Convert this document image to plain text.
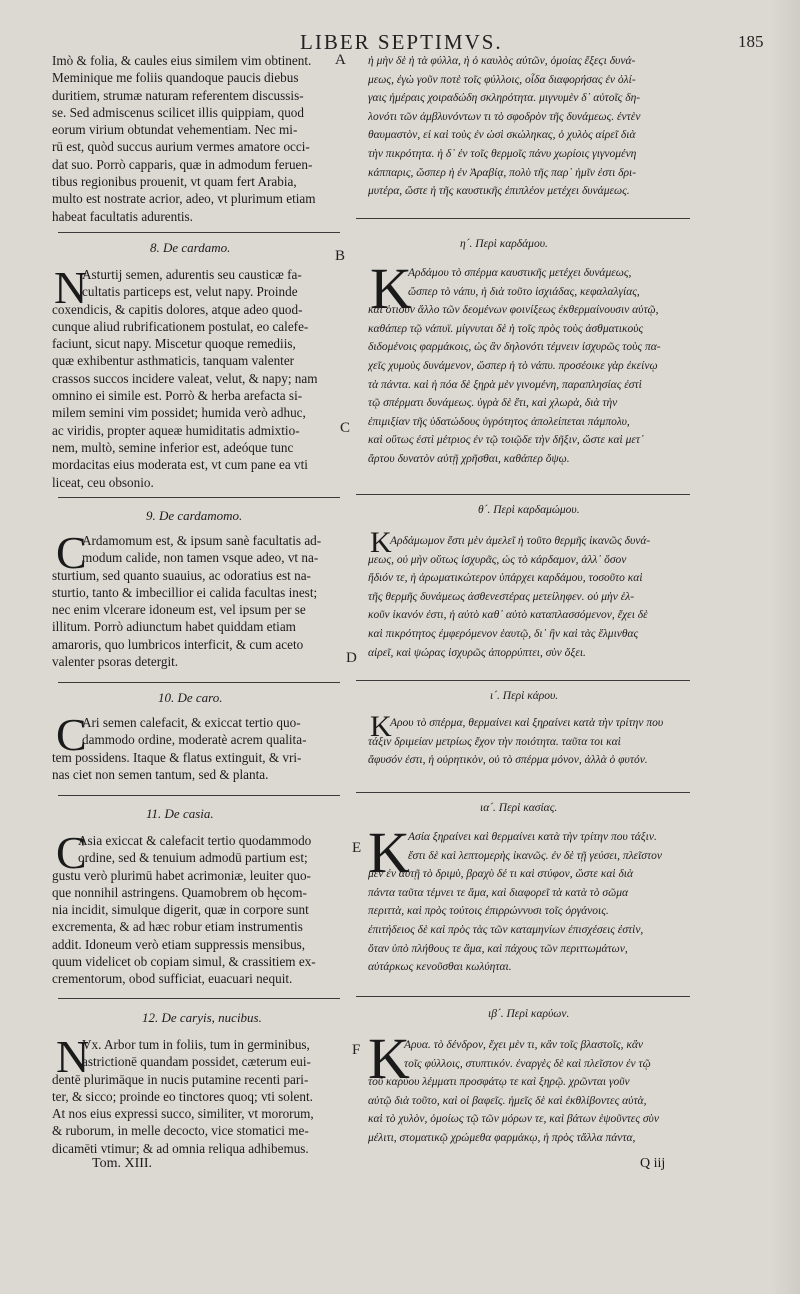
LIBER SEPTIMVS.	185
A
B
C
D
E
F
Imò & folia, & caules eius similem vim obtinent.
Meminique me foliis quandoque paucis diebus
duritiem, strumæ naturam referentem discussis-
se. Sed admiscenus scilicet illis quippiam, quod
eorum virium obtundat vehementiam. Nec mi-
rū est, quòd succus aurium vermes amatore occi-
dat suo. Porrò capparis, quæ in admodum feruen-
tibus regionibus prouenit, vt quam fert Arabia,
multo est nostrate acrior, adeo, vt plurimum etiam
habeat facultatis adurentis.
ἡ μὴν δὲ ἡ τὰ φύλλα, ἡ ὁ καυλὸς αὐτῶν, ὁμοίας ἔξεϛι δυνά-
μεως, ἐγὼ γοῦν ποτὲ τοῖς φύλλοις, οἶδα διαφορήσας ἐν ὀλί-
γαις ἡμέραις χοιραδώδη σκληρότητα. μιγνυμὲν δ᾽ αὐτοῖς δη-
λονότι τῶν ἀμβλυνόντων τι τὸ σφοδρὸν τῆς δυνάμεως. ἐντὲν
θαυμαστὸν, εἰ καὶ τοὺς ἐν ὠσὶ σκώληκας, ὁ χυλὸς αἰρεῖ διὰ
τὴν πικρότητα. ἡ δ᾽ ἐν τοῖς θερμοῖς πάνυ χωρίοις γιγνομένη
κάππαρις, ὥσπερ ἡ ἐν Ἀραβίᾳ, πολὺ τῆς παρ᾽ ἡμῖν ἐστι δρι-
μυτέρα, ὥστε ἡ τῆς καυστικῆς ἐπιπλέον μετέχει δυνάμεως.
8. De cardamo.	η´. Περὶ καρδάμου.
N	K
Asturtij semen, adurentis seu causticæ fa-
cultatis particeps est, velut napy. Proinde
coxendicis, & capitis dolores, atque adeo quod-
cunque aliud rubrificationem postulat, eo calefe-
faciunt, sicut napy. Miscetur quoque remediis,
quæ exhibentur asthmaticis, tanquam valenter
crassos succos incidere valeat, velut, & napy; nam
omnino ei simile est. Porrò & herba arefacta si-
milem semini vim possidet; humida verò adhuc,
ac viridis, propter aqueæ humiditatis admixtio-
nem, multò, semine inferior est, adeóque tunc
mordacitas eius moderata est, vt cum pane ea vti
liceat, ceu obsonio.
Αρδάμου τὸ σπέρμα καυστικῆς μετέχει δυνάμεως,
ὥσπερ τὸ νάπυ, ἡ διὰ τοῦτο ἰσχιάδας, κεφαλαλγίας,
καὶ ὁτιοῦν ἄλλο τῶν δεομένων φοινίξεως ἐκθερμαίνουσιν αὐτῷ,
καθάπερ τῷ νάπυϊ. μίγνυται δὲ ἡ τοῖς πρὸς τοὺς ἀσθματικοὺς
διδομένοις φαρμάκοις, ὡς ἂν δηλονότι τέμνειν ἰσχυρῶς τοὺς πα-
χεῖς χυμοὺς δυνάμενον, ὥσπερ ἡ τὸ νάπυ. προσέοικε γὰρ ἐκείνῳ
τὰ πάντα. καὶ ἡ πόα δὲ ξηρὰ μὲν γινομένη, παραπλησίας ἐστὶ
τῷ σπέρματι δυνάμεως. ὑγρὰ δὲ ἔτι, καὶ χλωρὰ, διὰ τὴν
ἐπιμιξίαν τῆς ὑδατώδους ὑγρότητος ἀπολείπεται πάμπολυ,
καὶ οὕτως ἐστὶ μέτριος ἐν τῷ τοιῷδε τὴν δῆξιν, ὥστε καὶ μετ᾽
ἄρτου δυνατὸν αὐτῇ χρῆσθαι, καθάπερ ὄψῳ.
9. De cardamomo.	θ´. Περὶ καρδαμώμου.
C	K
Ardamomum est, & ipsum sanè facultatis ad-
modum calide, non tamen vsque adeo, vt na-
sturtium, sed quanto suauius, ac odoratius est na-
sturtio, tanto & imbecillior ei calida facultas inest;
nec enim vlcerare idoneum est, vel ipsum per se
illitum. Porrò adiunctum habet quiddam etiam
amaroris, quo lumbricos interficit, & cum aceto
valenter psoras detergit.
Αρδάμωμον ἔστι μὲν ἀμελεῖ ἡ τοῦτο θερμῆς ἱκανῶς δυνά-
μεως, οὐ μὴν οὕτως ἰσχυρᾶς, ὡς τὸ κάρδαμον, ἀλλ᾽ ὅσον
ἥδιόν τε, ἡ ἀρωματικώτερον ὑπάρχει καρδάμου, τοσοῦτο καὶ
τῆς θερμῆς δυνάμεως ἀσθενεστέρας μετείληφεν. οὐ μὴν ἑλ-
κοῦν ἱκανόν ἐστι, ἡ αὐτὸ καθ᾽ αὐτὸ καταπλασσόμενον, ἔχει δὲ
καὶ πικρότητος ἐμφερόμενον ἑαυτῷ, δι᾽ ἣν καὶ τὰς ἕλμινθας
αἱρεῖ, καὶ ψώρας ἰσχυρῶς ἀπορρύπτει, σὺν ὄξει.
10. De caro.	ι´. Περὶ κάρου.
C	K
Ari semen calefacit, & exiccat tertio quo-
dammodo ordine, moderatè acrem qualita-
tem possidens. Itaque & flatus extinguit, & vri-
nas ciet non semen tantum, sed & planta.
Αρου τὸ σπέρμα, θερμαίνει καὶ ξηραίνει κατὰ τὴν τρίτην που
τάξιν δριμείαν μετρίως ἔχον τὴν ποιότητα. ταῦτα τοι καὶ
ἄφυσόν ἐστι, ἡ οὐρητικὸν, οὐ τὸ σπέρμα μόνον, ἀλλὰ ὁ φυτόν.
11. De casia.	ια´. Περὶ κασίας.
C	K
Asia exiccat & calefacit tertio quodammodo
ordine, sed & tenuium admodū partium est;
gustu verò plurimū habet acrimoniæ, leuiter quo-
que nonnihil astringens. Quamobrem ob hęcom-
nia incidit, simulque digerit, quæ in corpore sunt
excrementa, & ad hæc robur etiam instrumentis
addit. Idoneum verò etiam suppressis mensibus,
quum videlicet ob copiam simul, & crassitiem ex-
crementorum, obod sufficiat, euacuari nequit.
Ασία ξηραίνει καὶ θερμαίνει κατὰ τὴν τρίτην που τάξιν.
ἔστι δὲ καὶ λεπτομερὴς ἱκανῶς. ἐν δὲ τῇ γεύσει, πλεῖστον
μὲν ἐν αὐτῇ τὸ δριμὺ, βραχὺ δέ τι καὶ στύφον, ὥστε καὶ διὰ
πάντα ταῦτα τέμνει τε ἅμα, καὶ διαφορεῖ τὰ κατὰ τὸ σῶμα
περιττὰ, καὶ πρὸς τούτοις ἐπιρρώννυσι τοῖς ὀργάνοις.
ἐπιτήδειος δὲ καὶ πρὸς τὰς τῶν καταμηνίων ἐπισχέσεις ἐστὶν,
ὅταν ὑπὸ πλήθους τε ἅμα, καὶ πάχους τῶν περιττωμάτων,
αὐτάρκως κενοῦσθαι κωλύηται.
12. De caryis, nucibus.	ιβ´. Περὶ καρύων.
N	K
Vx. Arbor tum in foliis, tum in germinibus,
astrictionē quandam possidet, cæterum eui-
dentē plurimāque in nucis putamine recenti pari-
ter, & sicco; proinde eo tinctores quoq; vti solent.
At nos eius expressi succo, similiter, vt mororum,
& ruborum, in melle decocto, vice stomatici me-
dicamēti vtimur; & ad omnia reliqua adhibemus.
Αρυα. τὸ δένδρον, ἔχει μὲν τι, κἂν τοῖς βλαστοῖς, κἂν
τοῖς φύλλοις, στυπτικόν. ἐναργὲς δὲ καὶ πλεῖστον ἐν τῷ
τοῦ καρύου λέμματι προσφάτῳ τε καὶ ξηρῷ. χρῶνται γοῦν
αὐτῷ διὰ τοῦτο, καὶ οἱ βαφεῖς. ἡμεῖς δὲ καὶ ἐκθλίβοντες αὐτὰ,
καὶ τὸ χυλὸν, ὁμοίως τῷ τῶν μόρων τε, καὶ βάτων ἑψοῦντες σὺν
μέλιτι, στοματικῷ χρώμεθα φαρμάκῳ, ἡ πρὸς τἄλλα πάντα,
Tom. XIII.	Q iij
